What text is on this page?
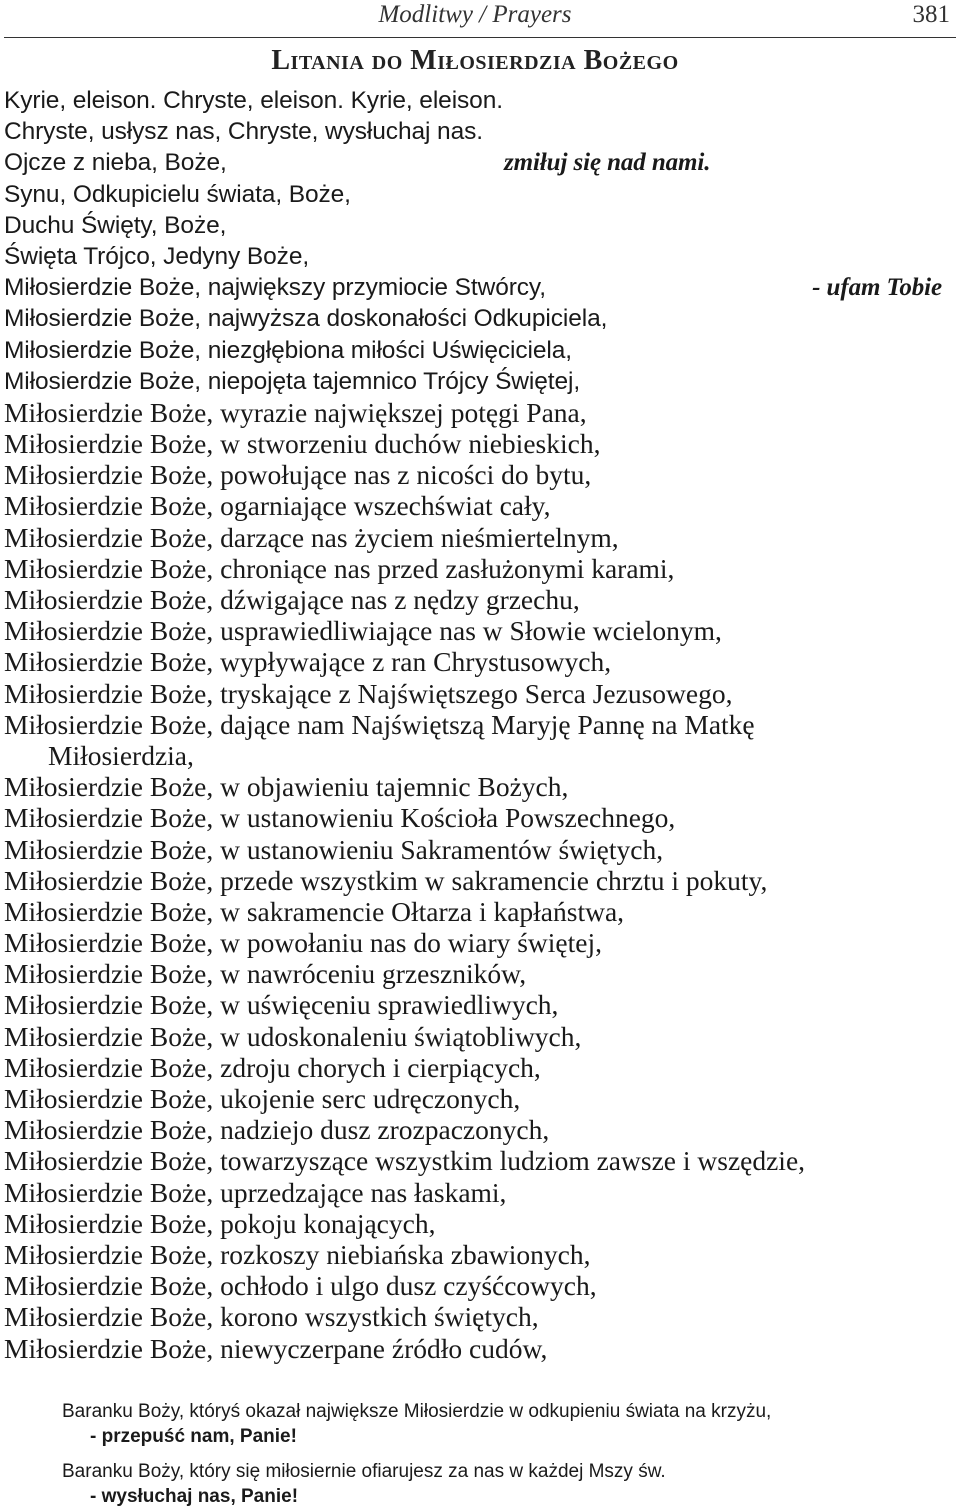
Modlitwy / Prayers	381
Litania do Miłosierdzia Bożego
Kyrie, eleison. Chryste, eleison. Kyrie, eleison.
Chryste, usłysz nas, Chryste, wysłuchaj nas.
Ojcze z nieba, Boże,	zmiłuj się nad nami.
Synu, Odkupicielu świata, Boże,
Duchu Święty, Boże,
Święta Trójco, Jedyny Boże,
Miłosierdzie Boże, największy przymiocie Stwórcy,	- ufam Tobie
Miłosierdzie Boże, najwyższa doskonałości Odkupiciela,
Miłosierdzie Boże, niezgłębiona miłości Uświęciciela,
Miłosierdzie Boże, niepojęta tajemnico Trójcy Świętej,
Miłosierdzie Boże, wyrazie największej potęgi Pana,
Miłosierdzie Boże, w stworzeniu duchów niebieskich,
Miłosierdzie Boże, powołujące nas z nicości do bytu,
Miłosierdzie Boże, ogarniające wszechświat cały,
Miłosierdzie Boże, darzące nas życiem nieśmiertelnym,
Miłosierdzie Boże, chroniące nas przed zasłużonymi karami,
Miłosierdzie Boże, dźwigające nas z nędzy grzechu,
Miłosierdzie Boże, usprawiedliwiające nas w Słowie wcielonym,
Miłosierdzie Boże, wypływające z ran Chrystusowych,
Miłosierdzie Boże, tryskające z Najświętszego Serca Jezusowego,
Miłosierdzie Boże, dające nam Najświętszą Maryję Pannę na Matkę
Miłosierdzia,
Miłosierdzie Boże, w objawieniu tajemnic Bożych,
Miłosierdzie Boże, w ustanowieniu Kościoła Powszechnego,
Miłosierdzie Boże, w ustanowieniu Sakramentów świętych,
Miłosierdzie Boże, przede wszystkim w sakramencie chrztu i pokuty,
Miłosierdzie Boże, w sakramencie Ołtarza i kapłaństwa,
Miłosierdzie Boże, w powołaniu nas do wiary świętej,
Miłosierdzie Boże, w nawróceniu grzeszników,
Miłosierdzie Boże, w uświęceniu sprawiedliwych,
Miłosierdzie Boże, w udoskonaleniu świątobliwych,
Miłosierdzie Boże, zdroju chorych i cierpiących,
Miłosierdzie Boże, ukojenie serc udręczonych,
Miłosierdzie Boże, nadziejo dusz zrozpaczonych,
Miłosierdzie Boże, towarzyszące wszystkim ludziom zawsze i wszędzie,
Miłosierdzie Boże, uprzedzające nas łaskami,
Miłosierdzie Boże, pokoju konających,
Miłosierdzie Boże, rozkoszy niebiańska zbawionych,
Miłosierdzie Boże, ochłodo i ulgo dusz czyśćcowych,
Miłosierdzie Boże, korono wszystkich świętych,
Miłosierdzie Boże, niewyczerpane źródło cudów,
Baranku Boży, któryś okazał największe Miłosierdzie w odkupieniu świata na krzyżu,
- przepuść nam, Panie!
Baranku Boży, który się miłosiernie ofiarujesz za nas w każdej Mszy św.
- wysłuchaj nas, Panie!
